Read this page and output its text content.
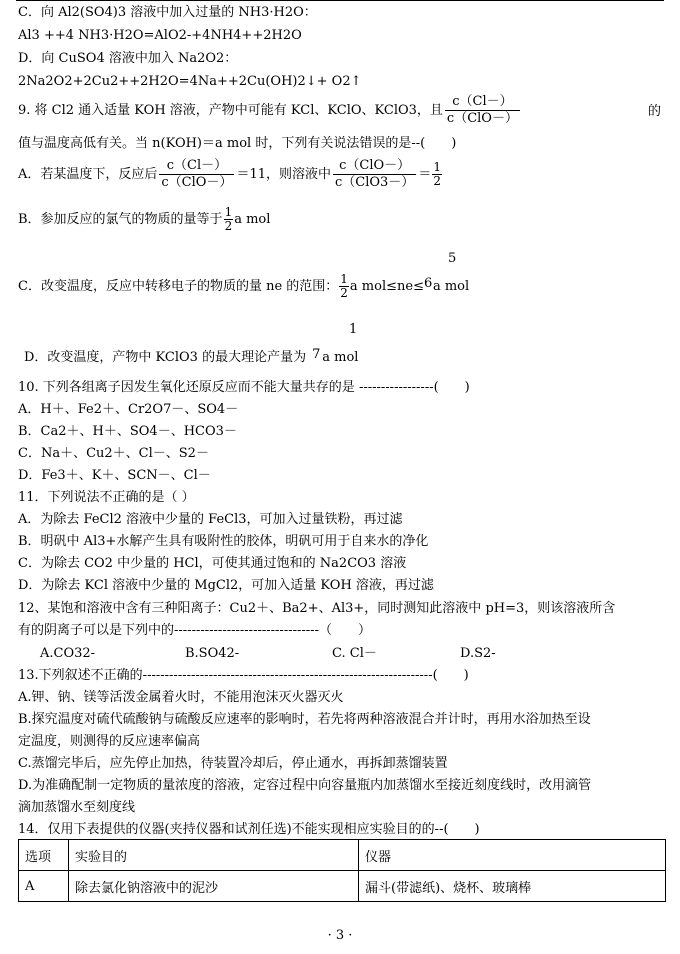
C．向 Al2(SO4)3 溶液中加入过量的 NH3·H2O：
Al3 ++4 NH3·H2O=AlO2-+4NH4++2H2O
D．向 CuSO4 溶液中加入 Na2O2：
2Na2O2+2Cu2++2H2O=4Na++2Cu(OH)2↓+ O2↑
9. 将 Cl2 通入适量 KOH 溶液，产物中可能有 KCl、KClO、KClO3，且 $\frac{c(Cl-)}{\text{c（ClO－）}}$	的
值与温度高低有关。当 n(KOH)＝a mol 时，下列有关说法错误的是--(　　)
A．若某温度下，反应后 $\frac{c(Cl-)}{\text{c（ClO－）}} =11$，则溶液中 $\frac{\text{c（ClO－）}}{\text{c（ClO3－）}} = \frac{1}{2}$
B．参加反应的氯气的物质的量等于 $\frac{1}{2}$ a mol
5
C．改变温度，反应中转移电子的物质的量 ne 的范围： $\frac{1}{2}$ a mol≤ne≤6a mol
1
D．改变温度，产物中 KClO3 的最大理论产量为 7 a mol
10. 下列各组离子因发生氧化还原反应而不能大量共存的是 -----------------(　　)
A．H＋、Fe2＋、Cr2O7－、SO4－
B．Ca2＋、H＋、SO4－、HCO3－
C．Na＋、Cu2＋、Cl－、S2－
D．Fe3＋、K＋、SCN－、Cl－
11．下列说法不正确的是（ ）
A．为除去 FeCl2 溶液中少量的 FeCl3，可加入过量铁粉，再过滤
B．明矾中 Al3+水解产生具有吸附性的胶体，明矾可用于自来水的净化
C．为除去 CO2 中少量的 HCl，可使其通过饱和的 Na2CO3 溶液
D．为除去 KCl 溶液中少量的 MgCl2，可加入适量 KOH 溶液，再过滤
12、某饱和溶液中含有三种阳离子：Cu2＋、Ba2+、Al3+，同时测知此溶液中 pH=3，则该溶液所含
有的阴离子可以是下列中的---------------------------------（　　）
A.CO32-	B.SO42-	C. Cl－	D.S2-
13.下列叙述不正确的------------------------------------------------------------------(　　)
A.钾、钠、镁等活泼金属着火时，不能用泡沫灭火器灭火
B.探究温度对硫代硫酸钠与硫酸反应速率的影响时，若先将两种溶液混合并计时，再用水浴加热至设
定温度，则测得的反应速率偏高
C.蒸馏完毕后，应先停止加热，待装置冷却后，停止通水，再拆卸蒸馏装置
D.为准确配制一定物质的量浓度的溶液，定容过程中向容量瓶内加蒸馏水至接近刻度线时，改用滴管
滴加蒸馏水至刻度线
14．仅用下表提供的仪器(夹持仪器和试剂任选)不能实现相应实验目的的--(　　)
选项	实验目的	仪器
A	除去氯化钠溶液中的泥沙	漏斗(带滤纸)、烧杯、玻璃棒
· 3 ·
